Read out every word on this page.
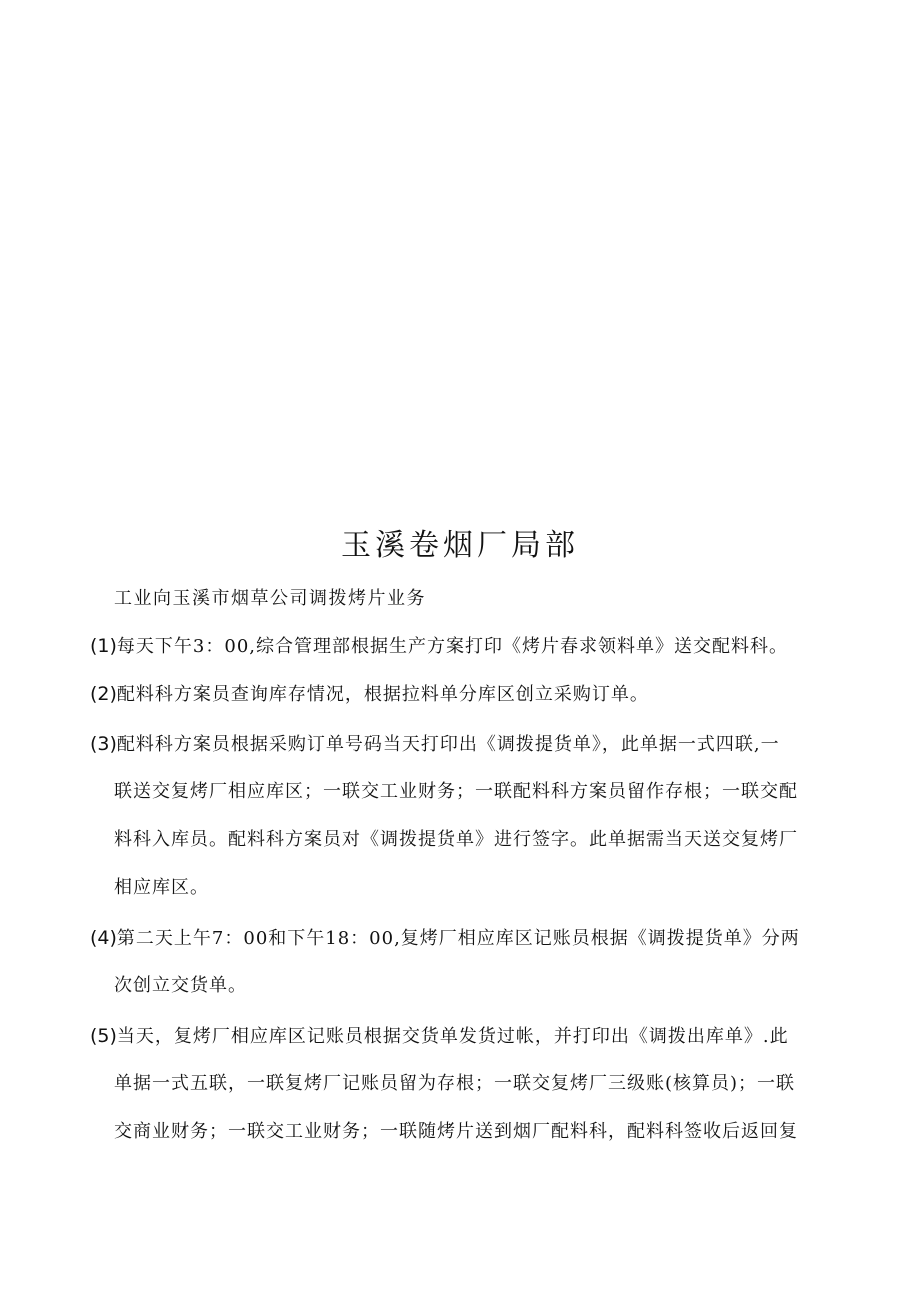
玉溪卷烟厂局部
工业向玉溪市烟草公司调拨烤片业务
(1)每天下午3：00,综合管理部根据生产方案打印《烤片春求领料单》送交配料科。
(2)配料科方案员查询库存情况，根据拉料单分库区创立采购订单。
(3)配料科方案员根据采购订单号码当天打印出《调拨提货单》，此单据一式四联,一
联送交复烤厂相应库区；一联交工业财务；一联配料科方案员留作存根；一联交配
料科入库员。配料科方案员对《调拨提货单》进行签字。此单据需当天送交复烤厂
相应库区。
(4)第二天上午7：00和下午18：00,复烤厂相应库区记账员根据《调拨提货单》分两
次创立交货单。
(5)当天，复烤厂相应库区记账员根据交货单发货过帐，并打印出《调拨出库单》.此
单据一式五联，一联复烤厂记账员留为存根；一联交复烤厂三级账(核算员)；一联
交商业财务；一联交工业财务；一联随烤片送到烟厂配料科，配料科签收后返回复
